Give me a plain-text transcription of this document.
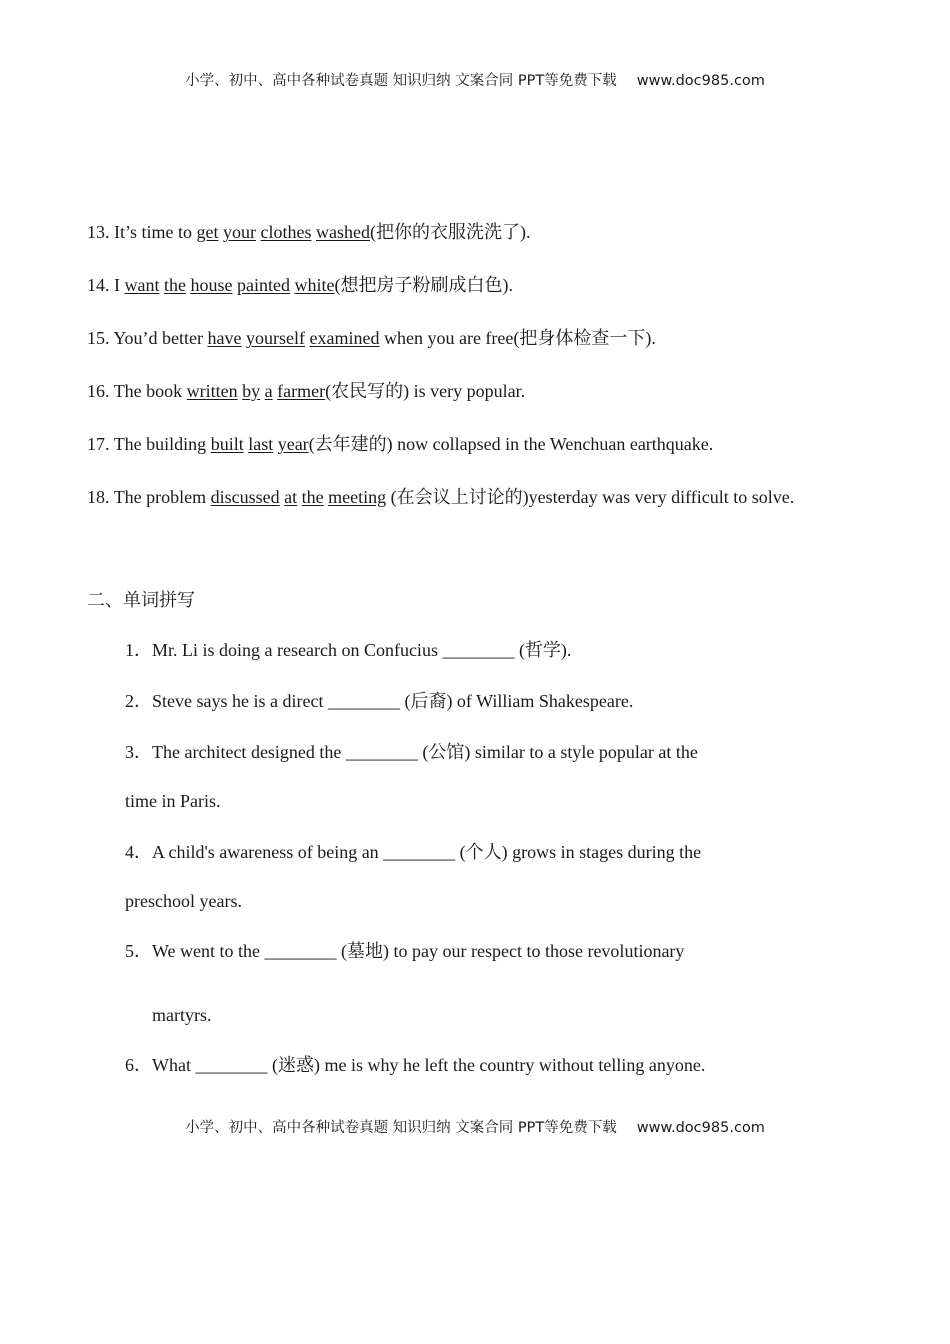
小学、初中、高中各种试卷真题 知识归纳 文案合同 PPT等免费下载 www.doc985.com
13. It’s time to get your clothes washed(把你的衣服洗洗了).
14. I want the house painted white(想把房子粉刷成白色).
15. You’d better have yourself examined when you are free(把身体检查一下).
16. The book written by a farmer(农民写的) is very popular.
17. The building built last year(去年建的) now collapsed in the Wenchuan earthquake.
18. The problem discussed at the meeting (在会议上讨论的)yesterday was very difficult to solve.
二、单词拼写
1．Mr. Li is doing a research on Confucius ________ (哲学).
2．Steve says he is a direct ________ (后裔) of William Shakespeare.
3．The architect designed the ________ (公馆) similar to a style popular at the
time in Paris.
4．A child's awareness of being an ________ (个人) grows in stages during the
preschool years.
5．We went to the ________ (墓地) to pay our respect to those revolutionary
martyrs.
6．What ________ (迷惑) me is why he left the country without telling anyone.
小学、初中、高中各种试卷真题 知识归纳 文案合同 PPT等免费下载 www.doc985.com
